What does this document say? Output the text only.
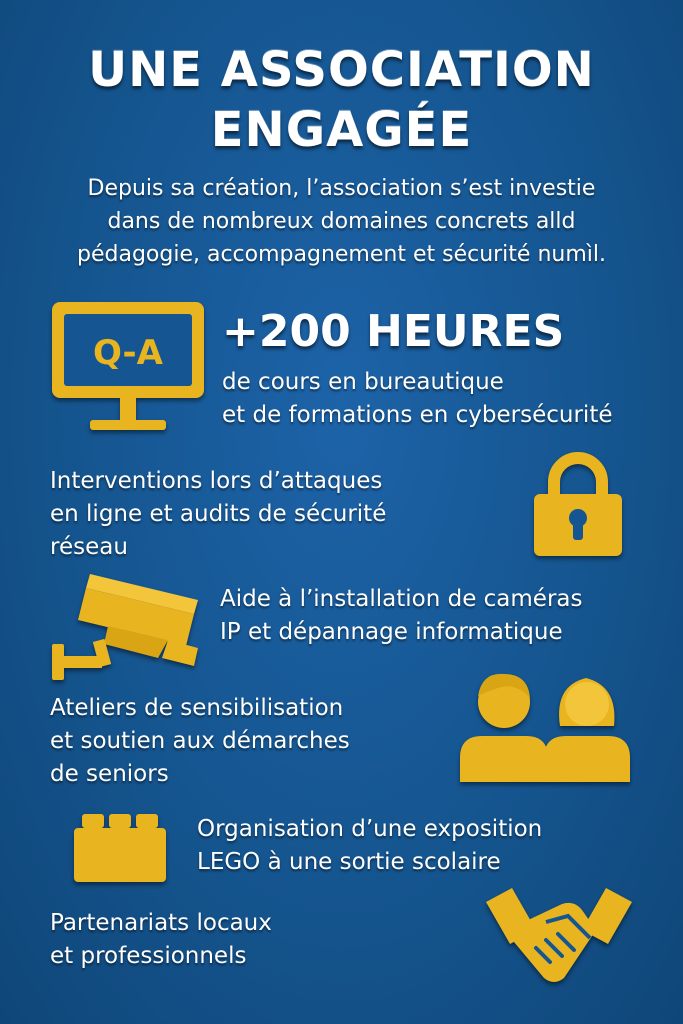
UNE ASSOCIATION
ENGAGÉE
Depuis sa création, l’association s’est investie
dans de nombreux domaines concrets alld
pédagogie, accompagnement et sécurité numìl.
Q-A +200 HEURES
de cours en bureautique
et de formations en cybersécurité
Interventions lors d’attaques
en ligne et audits de sécurité
réseau
Aide à l’installation de caméras
IP et dépannage informatique
Ateliers de sensibilisation
et soutien aux démarches
de seniors
Organisation d’une exposition
LEGO à une sortie scolaire
Partenariats locaux
et professionnels
